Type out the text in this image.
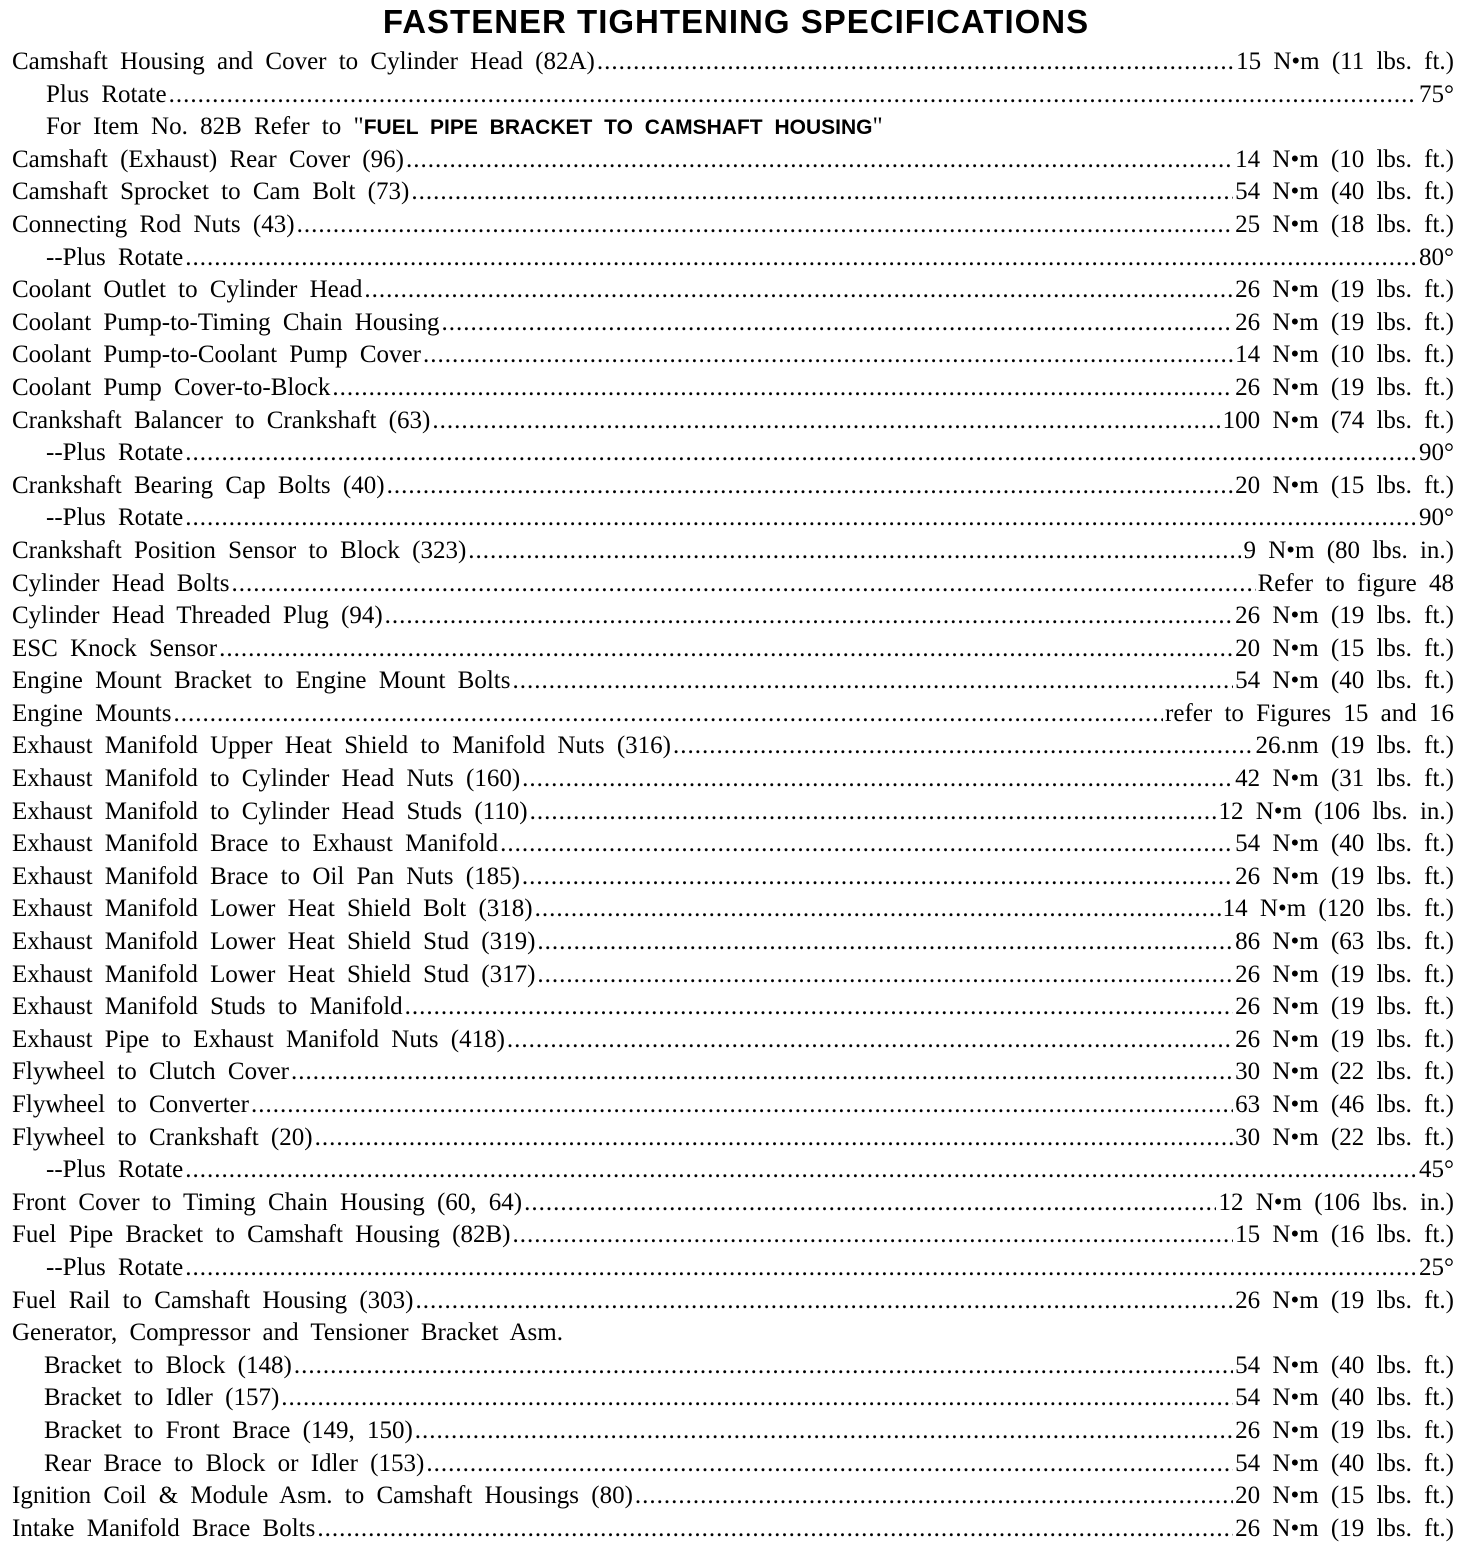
FASTENER TIGHTENING SPECIFICATIONS
Camshaft Housing and Cover to Cylinder Head (82A) .....	15 N•m (11 lbs. ft.)
Plus Rotate .....	75°
For Item No. 82B Refer to "FUEL PIPE BRACKET TO CAMSHAFT HOUSING"
Camshaft (Exhaust) Rear Cover (96) .....	14 N•m (10 lbs. ft.)
Camshaft Sprocket to Cam Bolt (73) .....	54 N•m (40 lbs. ft.)
Connecting Rod Nuts (43) .....	25 N•m (18 lbs. ft.)
--Plus Rotate .....	80°
Coolant Outlet to Cylinder Head .....	26 N•m (19 lbs. ft.)
Coolant Pump-to-Timing Chain Housing .....	26 N•m (19 lbs. ft.)
Coolant Pump-to-Coolant Pump Cover .....	14 N•m (10 lbs. ft.)
Coolant Pump Cover-to-Block .....	26 N•m (19 lbs. ft.)
Crankshaft Balancer to Crankshaft (63) .....	100 N•m (74 lbs. ft.)
--Plus Rotate .....	90°
Crankshaft Bearing Cap Bolts (40) .....	20 N•m (15 lbs. ft.)
--Plus Rotate .....	90°
Crankshaft Position Sensor to Block (323) .....	9 N•m (80 lbs. in.)
Cylinder Head Bolts .....	Refer to figure 48
Cylinder Head Threaded Plug (94) .....	26 N•m (19 lbs. ft.)
ESC Knock Sensor .....	20 N•m (15 lbs. ft.)
Engine Mount Bracket to Engine Mount Bolts .....	54 N•m (40 lbs. ft.)
Engine Mounts .....	refer to Figures 15 and 16
Exhaust Manifold Upper Heat Shield to Manifold Nuts (316) .....	26.nm (19 lbs. ft.)
Exhaust Manifold to Cylinder Head Nuts (160) .....	42 N•m (31 lbs. ft.)
Exhaust Manifold to Cylinder Head Studs (110) .....	12 N•m (106 lbs. in.)
Exhaust Manifold Brace to Exhaust Manifold .....	54 N•m (40 lbs. ft.)
Exhaust Manifold Brace to Oil Pan Nuts (185) .....	26 N•m (19 lbs. ft.)
Exhaust Manifold Lower Heat Shield Bolt (318) .....	14 N•m (120 lbs. ft.)
Exhaust Manifold Lower Heat Shield Stud (319) .....	86 N•m (63 lbs. ft.)
Exhaust Manifold Lower Heat Shield Stud (317) .....	26 N•m (19 lbs. ft.)
Exhaust Manifold Studs to Manifold .....	26 N•m (19 lbs. ft.)
Exhaust Pipe to Exhaust Manifold Nuts (418) .....	26 N•m (19 lbs. ft.)
Flywheel to Clutch Cover .....	30 N•m (22 lbs. ft.)
Flywheel to Converter .....	63 N•m (46 lbs. ft.)
Flywheel to Crankshaft (20) .....	30 N•m (22 lbs. ft.)
--Plus Rotate .....	45°
Front Cover to Timing Chain Housing (60, 64) .....	12 N•m (106 lbs. in.)
Fuel Pipe Bracket to Camshaft Housing (82B) .....	15 N•m (16 lbs. ft.)
--Plus Rotate .....	25°
Fuel Rail to Camshaft Housing (303) .....	26 N•m (19 lbs. ft.)
Generator, Compressor and Tensioner Bracket Asm.
Bracket to Block (148) .....	54 N•m (40 lbs. ft.)
Bracket to Idler (157) .....	54 N•m (40 lbs. ft.)
Bracket to Front Brace (149, 150) .....	26 N•m (19 lbs. ft.)
Rear Brace to Block or Idler (153) .....	54 N•m (40 lbs. ft.)
Ignition Coil & Module Asm. to Camshaft Housings (80) .....	20 N•m (15 lbs. ft.)
Intake Manifold Brace Bolts .....	26 N•m (19 lbs. ft.)
